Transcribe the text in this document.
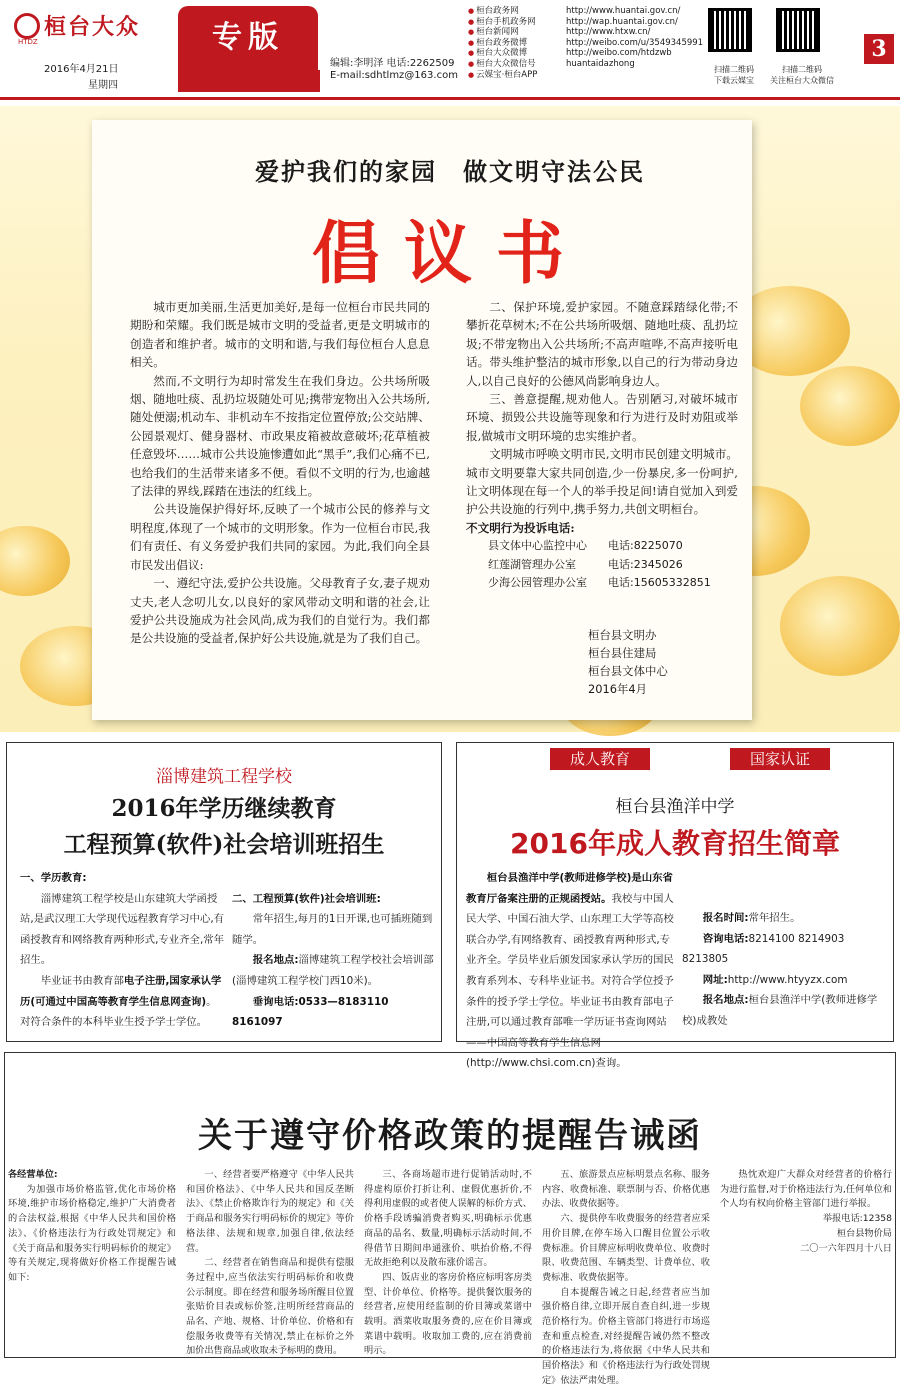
桓台大众
HTDZ
2016年4月21日
星期四
专版
编辑:李明泽 电话:2262509
E-mail:sdhtlmz@163.com
● 桓台政务网	http://www.huantai.gov.cn/
● 桓台手机政务网	http://wap.huantai.gov.cn/
● 桓台新闻网	http://www.htxw.cn/
● 桓台政务微博	http://weibo.com/u/3549345991
● 桓台大众微博	http://weibo.com/htdzwb
● 桓台大众微信号	huantaidazhong
● 云媒宝·桓台APP
扫描二维码
下载云媒宝
扫描二维码
关注桓台大众微信
3
爱护我们的家园　做文明守法公民
倡议书

城市更加美丽,生活更加美好,是每一位桓台市民共同的期盼和荣耀。我们既是城市文明的受益者,更是文明城市的创造者和维护者。城市的文明和谐,与我们每位桓台人息息相关。

然而,不文明行为却时常发生在我们身边。公共场所吸烟、随地吐痰、乱扔垃圾随处可见;携带宠物出入公共场所,随处便溺;机动车、非机动车不按指定位置停放;公交站牌、公园景观灯、健身器材、市政果皮箱被故意破坏;花草植被任意毁坏……城市公共设施惨遭如此“黑手”,我们心痛不已,也给我们的生活带来诸多不便。看似不文明的行为,也逾越了法律的界线,踩踏在违法的红线上。

公共设施保护得好坏,反映了一个城市公民的修养与文明程度,体现了一个城市的文明形象。作为一位桓台市民,我们有责任、有义务爱护我们共同的家园。为此,我们向全县市民发出倡议:

一、遵纪守法,爱护公共设施。父母教育子女,妻子规劝丈夫,老人念叨儿女,以良好的家风带动文明和谐的社会,让爱护公共设施成为社会风尚,成为我们的自觉行为。我们都是公共设施的受益者,保护好公共设施,就是为了我们自己。

二、保护环境,爱护家园。不随意踩踏绿化带;不攀折花草树木;不在公共场所吸烟、随地吐痰、乱扔垃圾;不带宠物出入公共场所;不高声喧哗,不高声接听电话。带头维护整洁的城市形象,以自己的行为带动身边人,以自己良好的公德风尚影响身边人。

三、善意提醒,规劝他人。告别陋习,对破坏城市环境、损毁公共设施等现象和行为进行及时劝阻或举报,做城市文明环境的忠实维护者。

文明城市呼唤文明市民,文明市民创建文明城市。城市文明要靠大家共同创造,少一份暴戾,多一份呵护,让文明体现在每一个人的举手投足间!请自觉加入到爱护公共设施的行列中,携手努力,共创文明桓台。

不文明行为投诉电话:

县文体中心监控中心	电话:8225070
红莲湖管理办公室	电话:2345026
少海公园管理办公室	电话:15605332851
桓台县文明办
桓台县住建局
桓台县文体中心
2016年4月
淄博建筑工程学校
2016年学历继续教育
工程预算(软件)社会培训班招生
一、学历教育:
淄博建筑工程学校是山东建筑大学函授站,是武汉理工大学现代远程教育学习中心,有函授教育和网络教育两种形式,专业齐全,常年招生。
毕业证书由教育部电子注册,国家承认学历(可通过中国高等教育学生信息网查询)。对符合条件的本科毕业生授予学士学位。
二、工程预算(软件)社会培训班:
常年招生,每月的1日开课,也可插班随到随学。
报名地点:淄博建筑工程学校社会培训部(淄博建筑工程学校门西10米)。
垂询电话:0533—8183110　8161097
成人教育	国家认证
桓台县渔洋中学
2016年成人教育招生简章
桓台县渔洋中学(教师进修学校)是山东省教育厅备案注册的正规函授站。我校与中国人民大学、中国石油大学、山东理工大学等高校联合办学,有网络教育、函授教育两种形式,专业齐全。学员毕业后颁发国家承认学历的国民教育系列本、专科毕业证书。对符合学位授予条件的授予学士学位。毕业证书由教育部电子注册,可以通过教育部唯一学历证书查询网站——中国高等教育学生信息网(http://www.chsi.com.cn)查询。
报名时间:常年招生。
咨询电话:8214100 8214903 8213805
网址:http://www.htyyzx.com
报名地点:桓台县渔洋中学(教师进修学校)成教处
关于遵守价格政策的提醒告诫函

各经营单位:

为加强市场价格监管,优化市场价格环境,维护市场价格稳定,维护广大消费者的合法权益,根据《中华人民共和国价格法》、《价格违法行为行政处罚规定》和《关于商品和服务实行明码标价的规定》等有关规定,现将做好价格工作提醒告诫如下:

一、经营者要严格遵守《中华人民共和国价格法》、《中华人民共和国反垄断法》、《禁止价格欺诈行为的规定》和《关于商品和服务实行明码标价的规定》等价格法律、法规和规章,加强自律,依法经营。

二、经营者在销售商品和提供有偿服务过程中,应当依法实行明码标价和收费公示制度。即在经营和服务场所醒目位置张贴价目表或标价签,注明所经营商品的品名、产地、规格、计价单位、价格和有偿服务收费等有关情况,禁止在标价之外加价出售商品或收取未予标明的费用。

三、各商场超市进行促销活动时,不得虚构原价打折让利、虚假优惠折价,不得利用虚假的或者使人误解的标价方式、价格手段诱骗消费者购买,明确标示优惠商品的品名、数量,明确标示活动时间,不得借节日期间串通涨价、哄抬价格,不得无故拒绝利以及散布涨价谣言。

四、饭店业的客房价格应标明客房类型、计价单位、价格等。提供餐饮服务的经营者,应使用经监制的价目簿或菜谱中载明。酒菜收取服务费的,应在价目簿或菜谱中载明。收取加工费的,应在消费前明示。

五、旅游景点应标明景点名称、服务内容、收费标准、联票制与否、价格优惠办法、收费依据等。

六、提供停车收费服务的经营者应采用价目牌,在停车场入口醒目位置公示收费标准。价目牌应标明收费单位、收费时限、收费范围、车辆类型、计费单位、收费标准、收费依据等。

自本提醒告诫之日起,经营者应当加强价格自律,立即开展自查自纠,进一步规范价格行为。价格主管部门将进行市场巡查和重点检查,对经提醒告诫仍然不整改的价格违法行为,将依据《中华人民共和国价格法》和《价格违法行为行政处罚规定》依法严肃处理。

热忱欢迎广大群众对经营者的价格行为进行监督,对于价格违法行为,任何单位和个人均有权向价格主管部门进行举报。

举报电话:12358

桓台县物价局

二〇一六年四月十八日
